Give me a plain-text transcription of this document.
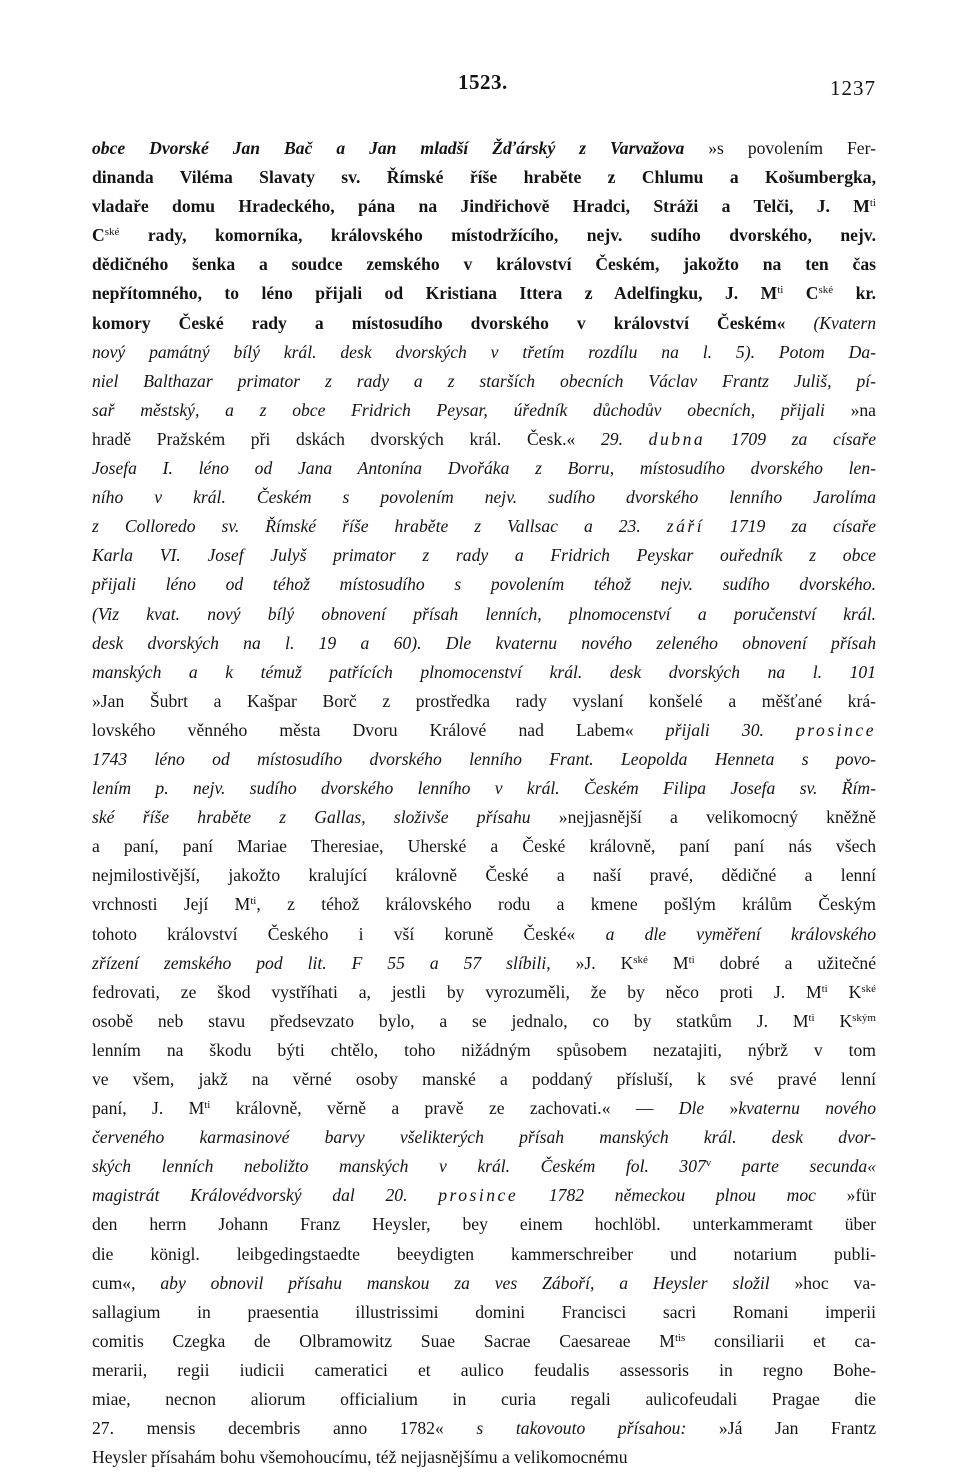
1523.	1237
obce Dvorské Jan Bač a Jan mladší Žďárský z Varvažova »s povolením Fer-
dinanda Viléma Slavaty sv. Římské říše hraběte z Chlumu a Košumbergka,
vladaře domu Hradeckého, pána na Jindřichově Hradci, Stráži a Telči, J. $M^{ti}$
$C^{ské}$ rady, komorníka, královského místodržícího, nejv. sudího dvorského, nejv.
dědičného šenka a soudce zemského v království Českém, jakožto na ten čas
nepřítomného, to léno přijali od Kristiana Ittera z Adelfingku, J. $M^{ti}$ $C^{ské}$ kr.
komory České rady a místosudího dvorského v království Českém« (Kvatern
nový památný bílý král. desk dvorských v třetím rozdílu na l. 5). Potom Da-
niel Balthazar primator z rady a z starších obecních Václav Frantz Juliš, pí-
sař městský, a z obce Fridrich Peysar, úředník důchodův obecních, přijali »na
hradě Pražském při dskách dvorských král. Česk.« 29. dubna 1709 za císaře
Josefa I. léno od Jana Antonína Dvořáka z Borru, místosudího dvorského len-
ního v král. Českém s povolením nejv. sudího dvorského lenního Jarolíma
z Colloredo sv. Římské říše hraběte z Vallsac a 23. září 1719 za císaře
Karla VI. Josef Julyš primator z rady a Fridrich Peyskar ouředník z obce
přijali léno od téhož místosudího s povolením téhož nejv. sudího dvorského.
(Viz kvat. nový bílý obnovení přísah lenních, plnomocenství a poručenství král.
desk dvorských na l. 19 a 60). Dle kvaternu nového zeleného obnovení přísah
manských a k témuž patřících plnomocenství král. desk dvorských na l. 101
»Jan Šubrt a Kašpar Borč z prostředka rady vyslaní konšelé a měšťané krá-
lovského věnného města Dvoru Králové nad Labem« přijali 30. prosince
1743 léno od místosudího dvorského lenního Frant. Leopolda Henneta s povo-
lením p. nejv. sudího dvorského lenního v král. Českém Filipa Josefa sv. Řím-
ské říše hraběte z Gallas, složivše přísahu »nejjasnější a velikomocný kněžně
a paní, paní Mariae Theresiae, Uherské a České královně, paní paní nás všech
nejmilostivější, jakožto kralující královně České a naší pravé, dědičné a lenní
vrchnosti Její $M^{ti}$, z téhož královského rodu a kmene pošlým králům Českým
tohoto království Českého i vší koruně České« a dle vyměření královského
zřízení zemského pod lit. F 55 a 57 slíbili, »J. $K^{ské}$ $M^{ti}$ dobré a užitečné
fedrovati, ze škod vystříhati a, jestli by vyrozuměli, že by něco proti J. $M^{ti}$ $K^{ské}$
osobě neb stavu předsevzato bylo, a se jednalo, co by statkům J. $M^{ti}$ $K^{ským}$
lenním na škodu býti chtělo, toho nižádným spůsobem nezatajiti, nýbrž v tom
ve všem, jakž na věrné osoby manské a poddaný přísluší, k své pravé lenní
paní, J. $M^{ti}$ královně, věrně a pravě ze zachovati.« — Dle »kvaternu nového
červeného karmasinové barvy všelikterých přísah manských král. desk dvor-
ských lenních neboližto manských v král. Českém fol. 307$^v$ parte secunda«
magistrát Královédvorský dal 20. prosince 1782 německou plnou moc »für
den herrn Johann Franz Heysler, bey einem hochlöbl. unterkammeramt über
die königl. leibgedingstaedte beeydigten kammerschreiber und notarium publi-
cum«, aby obnovil přísahu manskou za ves Záboří, a Heysler složil »hoc va-
sallagium in praesentia illustrissimi domini Francisci sacri Romani imperii
comitis Czegka de Olbramowitz Suae Sacrae Caesareae $M^{tis}$ consiliarii et ca-
merarii, regii iudicii cameratici et aulico feudalis assessoris in regno Bohe-
miae, necnon aliorum officialium in curia regali aulicofeudali Pragae die
27. mensis decembris anno 1782« s takovouto přísahou: »Já Jan Frantz
Heysler přísahám bohu všemohoucímu, též nejjasnějšímu a velikomocnému
